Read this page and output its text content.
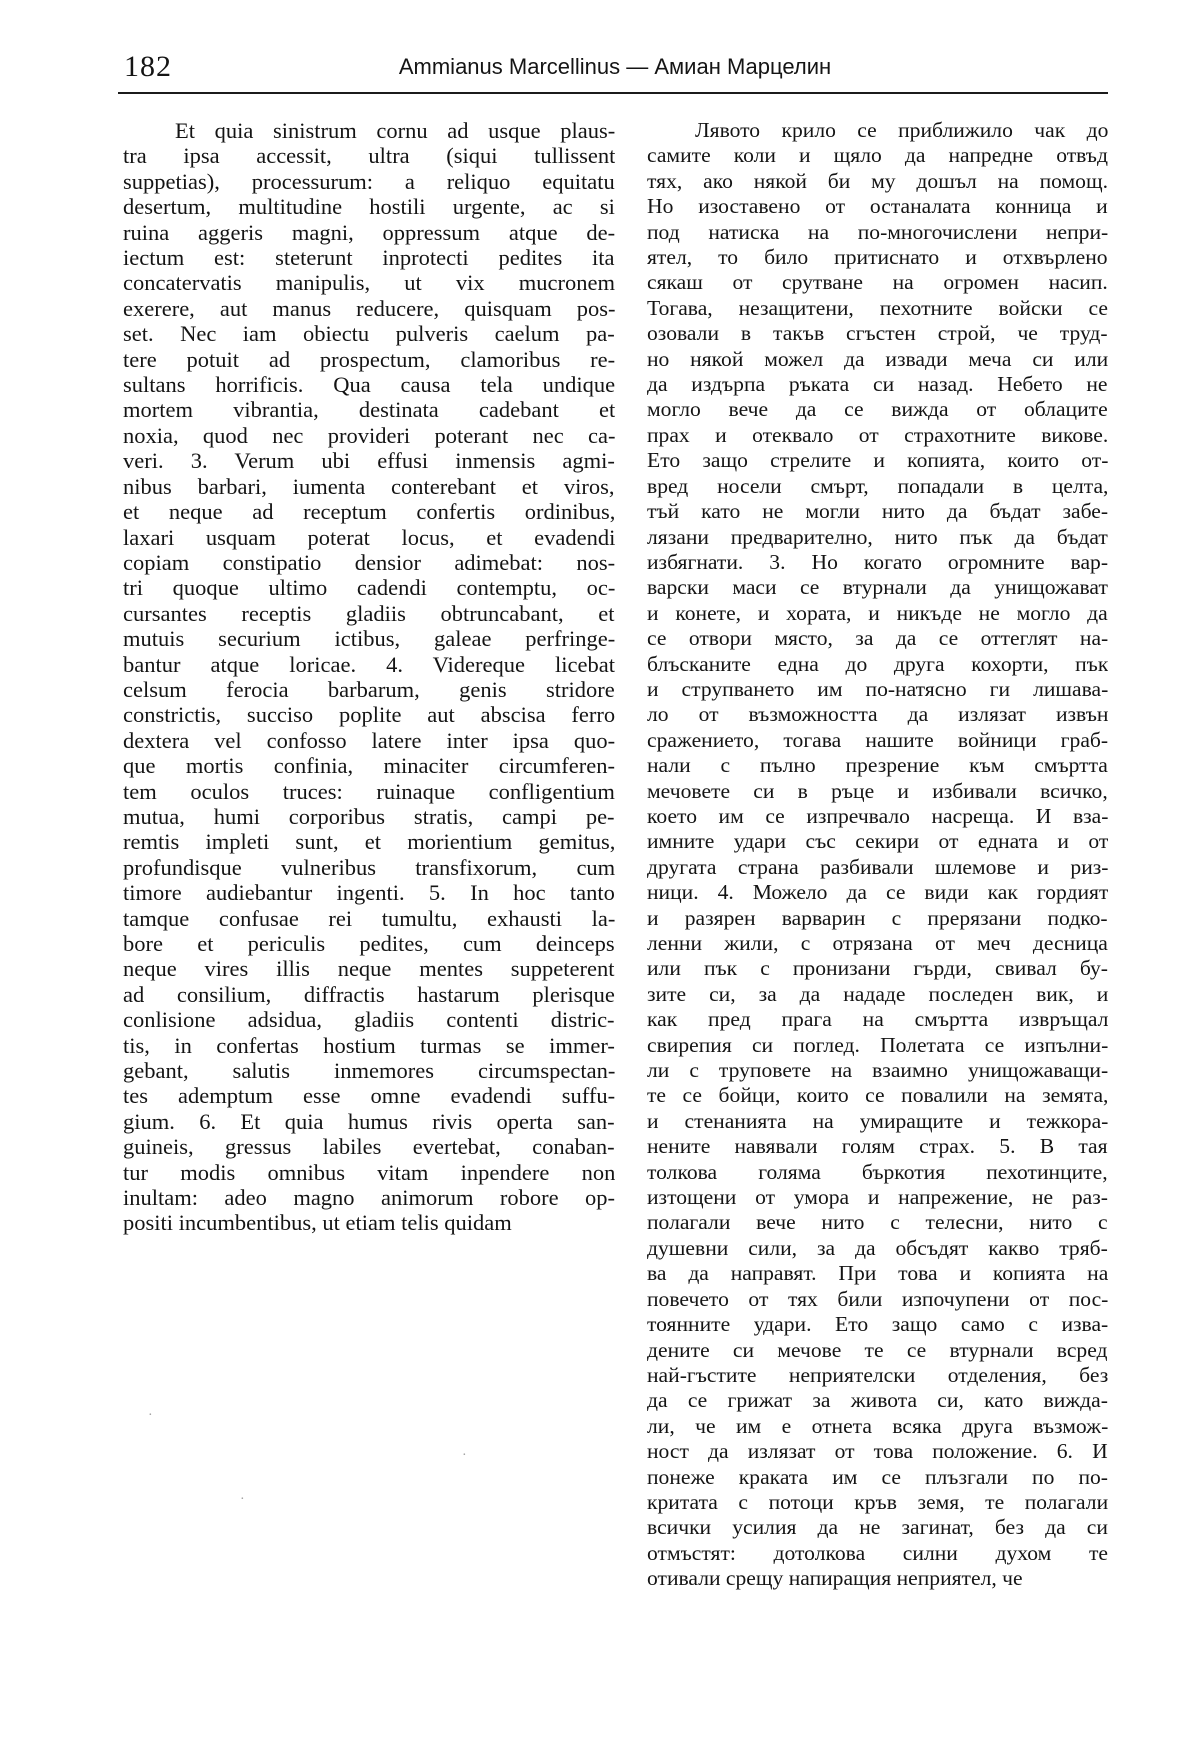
182	Ammianus Marcellinus — Амиан Марцелин
Et quia sinistrum cornu ad usque plaus-
tra ipsa accessit, ultra (siqui tullissent
suppetias), processurum: a reliquo equitatu
desertum, multitudine hostili urgente, ac si
ruina aggeris magni, oppressum atque de-
iectum est: steterunt inprotecti pedites ita
concatervatis manipulis, ut vix mucronem
exerere, aut manus reducere, quisquam pos-
set. Nec iam obiectu pulveris caelum pa-
tere potuit ad prospectum, clamoribus re-
sultans horrificis. Qua causa tela undique
mortem vibrantia, destinata cadebant et
noxia, quod nec provideri poterant nec ca-
veri. 3. Verum ubi effusi inmensis agmi-
nibus barbari, iumenta conterebant et viros,
et neque ad receptum confertis ordinibus,
laxari usquam poterat locus, et evadendi
copiam constipatio densior adimebat: nos-
tri quoque ultimo cadendi contemptu, oc-
cursantes receptis gladiis obtruncabant, et
mutuis securium ictibus, galeae perfringe-
bantur atque loricae. 4. Videreque licebat
celsum ferocia barbarum, genis stridore
constrictis, succiso poplite aut abscisa ferro
dextera vel confosso latere inter ipsa quo-
que mortis confinia, minaciter circumferen-
tem oculos truces: ruinaque confligentium
mutua, humi corporibus stratis, campi pe-
remtis impleti sunt, et morientium gemitus,
profundisque vulneribus transfixorum, cum
timore audiebantur ingenti. 5. In hoc tanto
tamque confusae rei tumultu, exhausti la-
bore et periculis pedites, cum deinceps
neque vires illis neque mentes suppeterent
ad consilium, diffractis hastarum plerisque
conlisione adsidua, gladiis contenti distric-
tis, in confertas hostium turmas se immer-
gebant, salutis inmemores circumspectan-
tes ademptum esse omne evadendi suffu-
gium. 6. Et quia humus rivis operta san-
guineis, gressus labiles evertebat, conaban-
tur modis omnibus vitam inpendere non
inultam: adeo magno animorum robore op-
positi incumbentibus, ut etiam telis quidam
Лявото крило се приближило чак до
самите коли и щяло да напредне отвъд
тях, ако някой би му дошъл на помощ.
Но изоставено от останалата конница и
под натиска на по-многочислени непри-
ятел, то било притиснато и отхвърлено
сякаш от срутване на огромен насип.
Тогава, незащитени, пехотните войски се
озовали в такъв сгъстен строй, че труд-
но някой можел да извади меча си или
да издърпа ръката си назад. Небето не
могло вече да се вижда от облаците
прах и отеквало от страхотните викове.
Ето защо стрелите и копията, които от-
вред носели смърт, попадали в целта,
тъй като не могли нито да бъдат забе-
лязани предварително, нито пък да бъдат
избягнати. 3. Но когато огромните вар-
варски маси се втурнали да унищожават
и конете, и хората, и никъде не могло да
се отвори място, за да се оттеглят на-
блъсканите една до друга кохорти, пък
и струпването им по-натясно ги лишава-
ло от възможността да излязат извън
сражението, тогава нашите войници граб-
нали с пълно презрение към смъртта
мечовете си в ръце и избивали всичко,
което им се изпречвало насреща. И вза-
имните удари със секири от едната и от
другата страна разбивали шлемове и риз-
ници. 4. Можело да се види как гордият
и разярен варварин с прерязани подко-
ленни жили, с отрязана от меч десница
или пък с пронизани гърди, свивал бу-
зите си, за да нададе последен вик, и
как пред прага на смъртта извръщал
свирепия си поглед. Полетата се изпълни-
ли с труповете на взаимно унищожаващи-
те се бойци, които се повалили на земята,
и стенанията на умиращите и тежкора-
нените навявали голям страх. 5. В тая
толкова голяма бъркотия пехотинците,
изтощени от умора и напрежение, не раз-
полагали вече нито с телесни, нито с
душевни сили, за да обсъдят какво тряб-
ва да направят. При това и копията на
повечето от тях били изпочупени от пос-
тоянните удари. Ето защо само с изва-
дените си мечове те се втурнали всред
най-гъстите неприятелски отделения, без
да се грижат за живота си, като виждa-
ли, че им е отнета всяка друга възмож-
ност да излязат от това положение. 6. И
понеже краката им се плъзгали по по-
критата с потоци кръв земя, те полагали
всички усилия да не загинат, без да си
отмъстят: дотолкова силни духом те
отивали срещу напиращия неприятел, че
·
·
·
